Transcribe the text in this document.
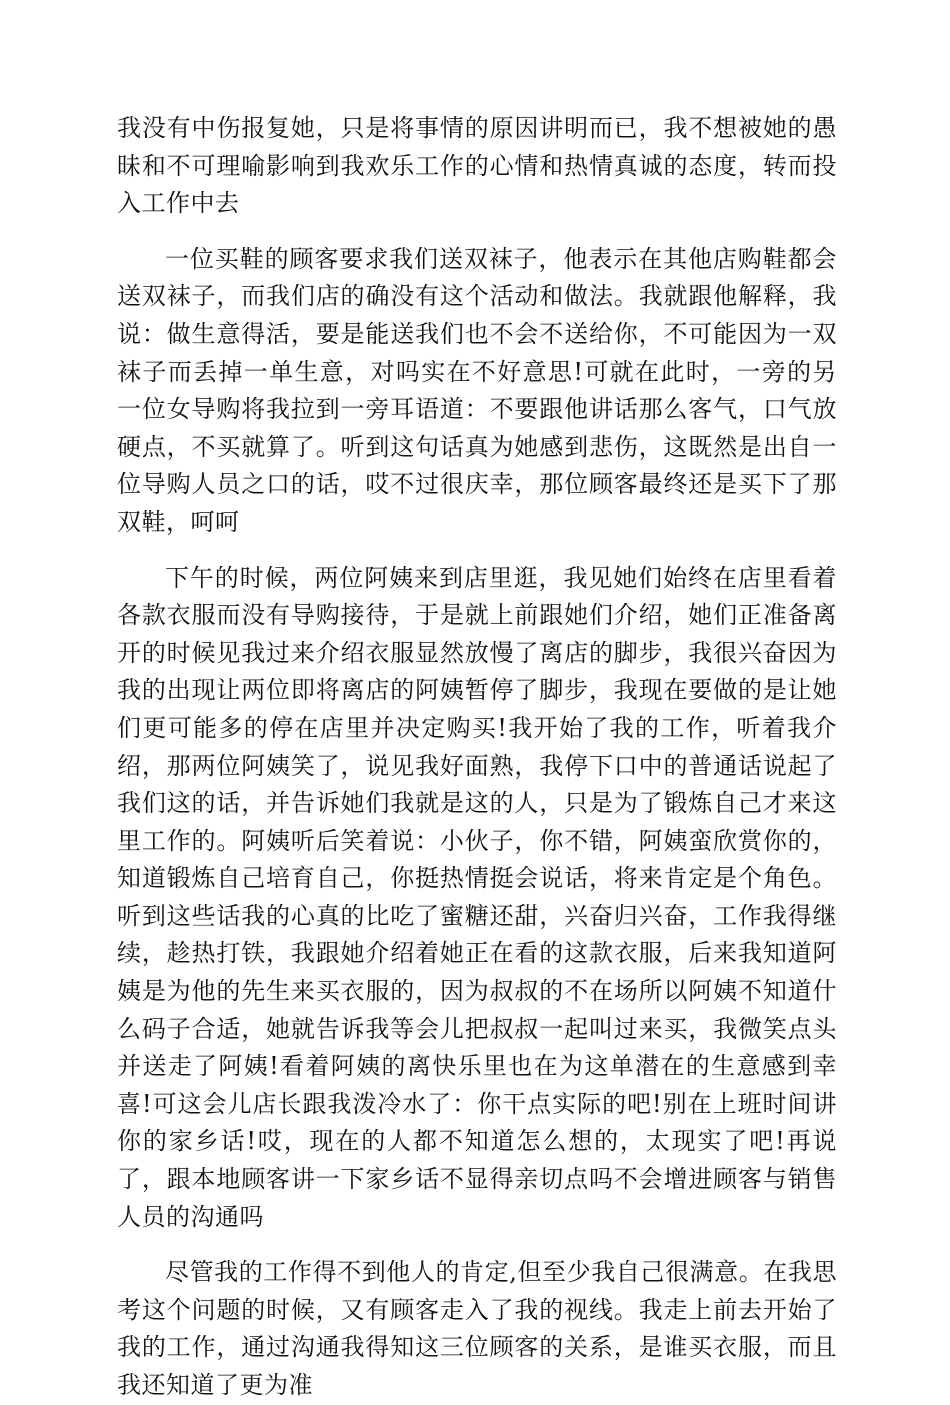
我没有中伤报复她，只是将事情的原因讲明而已，我不想被她的愚昧和不可理喻影响到我欢乐工作的心情和热情真诚的态度，转而投入工作中去

一位买鞋的顾客要求我们送双袜子，他表示在其他店购鞋都会送双袜子，而我们店的确没有这个活动和做法。我就跟他解释，我说：做生意得活，要是能送我们也不会不送给你，不可能因为一双袜子而丢掉一单生意，对吗实在不好意思!可就在此时，一旁的另一位女导购将我拉到一旁耳语道：不要跟他讲话那么客气，口气放硬点，不买就算了。听到这句话真为她感到悲伤，这既然是出自一位导购人员之口的话，哎不过很庆幸，那位顾客最终还是买下了那双鞋，呵呵

下午的时候，两位阿姨来到店里逛，我见她们始终在店里看着各款衣服而没有导购接待，于是就上前跟她们介绍，她们正准备离开的时候见我过来介绍衣服显然放慢了离店的脚步，我很兴奋因为我的出现让两位即将离店的阿姨暂停了脚步，我现在要做的是让她们更可能多的停在店里并决定购买!我开始了我的工作，听着我介绍，那两位阿姨笑了，说见我好面熟，我停下口中的普通话说起了我们这的话，并告诉她们我就是这的人，只是为了锻炼自己才来这里工作的。阿姨听后笑着说：小伙子，你不错，阿姨蛮欣赏你的，知道锻炼自己培育自己，你挺热情挺会说话，将来肯定是个角色。听到这些话我的心真的比吃了蜜糖还甜，兴奋归兴奋，工作我得继续，趁热打铁，我跟她介绍着她正在看的这款衣服，后来我知道阿姨是为他的先生来买衣服的，因为叔叔的不在场所以阿姨不知道什么码子合适，她就告诉我等会儿把叔叔一起叫过来买，我微笑点头并送走了阿姨!看着阿姨的离快乐里也在为这单潜在的生意感到幸喜!可这会儿店长跟我泼冷水了：你干点实际的吧!别在上班时间讲你的家乡话!哎，现在的人都不知道怎么想的，太现实了吧!再说了，跟本地顾客讲一下家乡话不显得亲切点吗不会增进顾客与销售人员的沟通吗

尽管我的工作得不到他人的肯定,但至少我自己很满意。在我思考这个问题的时候，又有顾客走入了我的视线。我走上前去开始了我的工作，通过沟通我得知这三位顾客的关系，是谁买衣服，而且我还知道了更为准
